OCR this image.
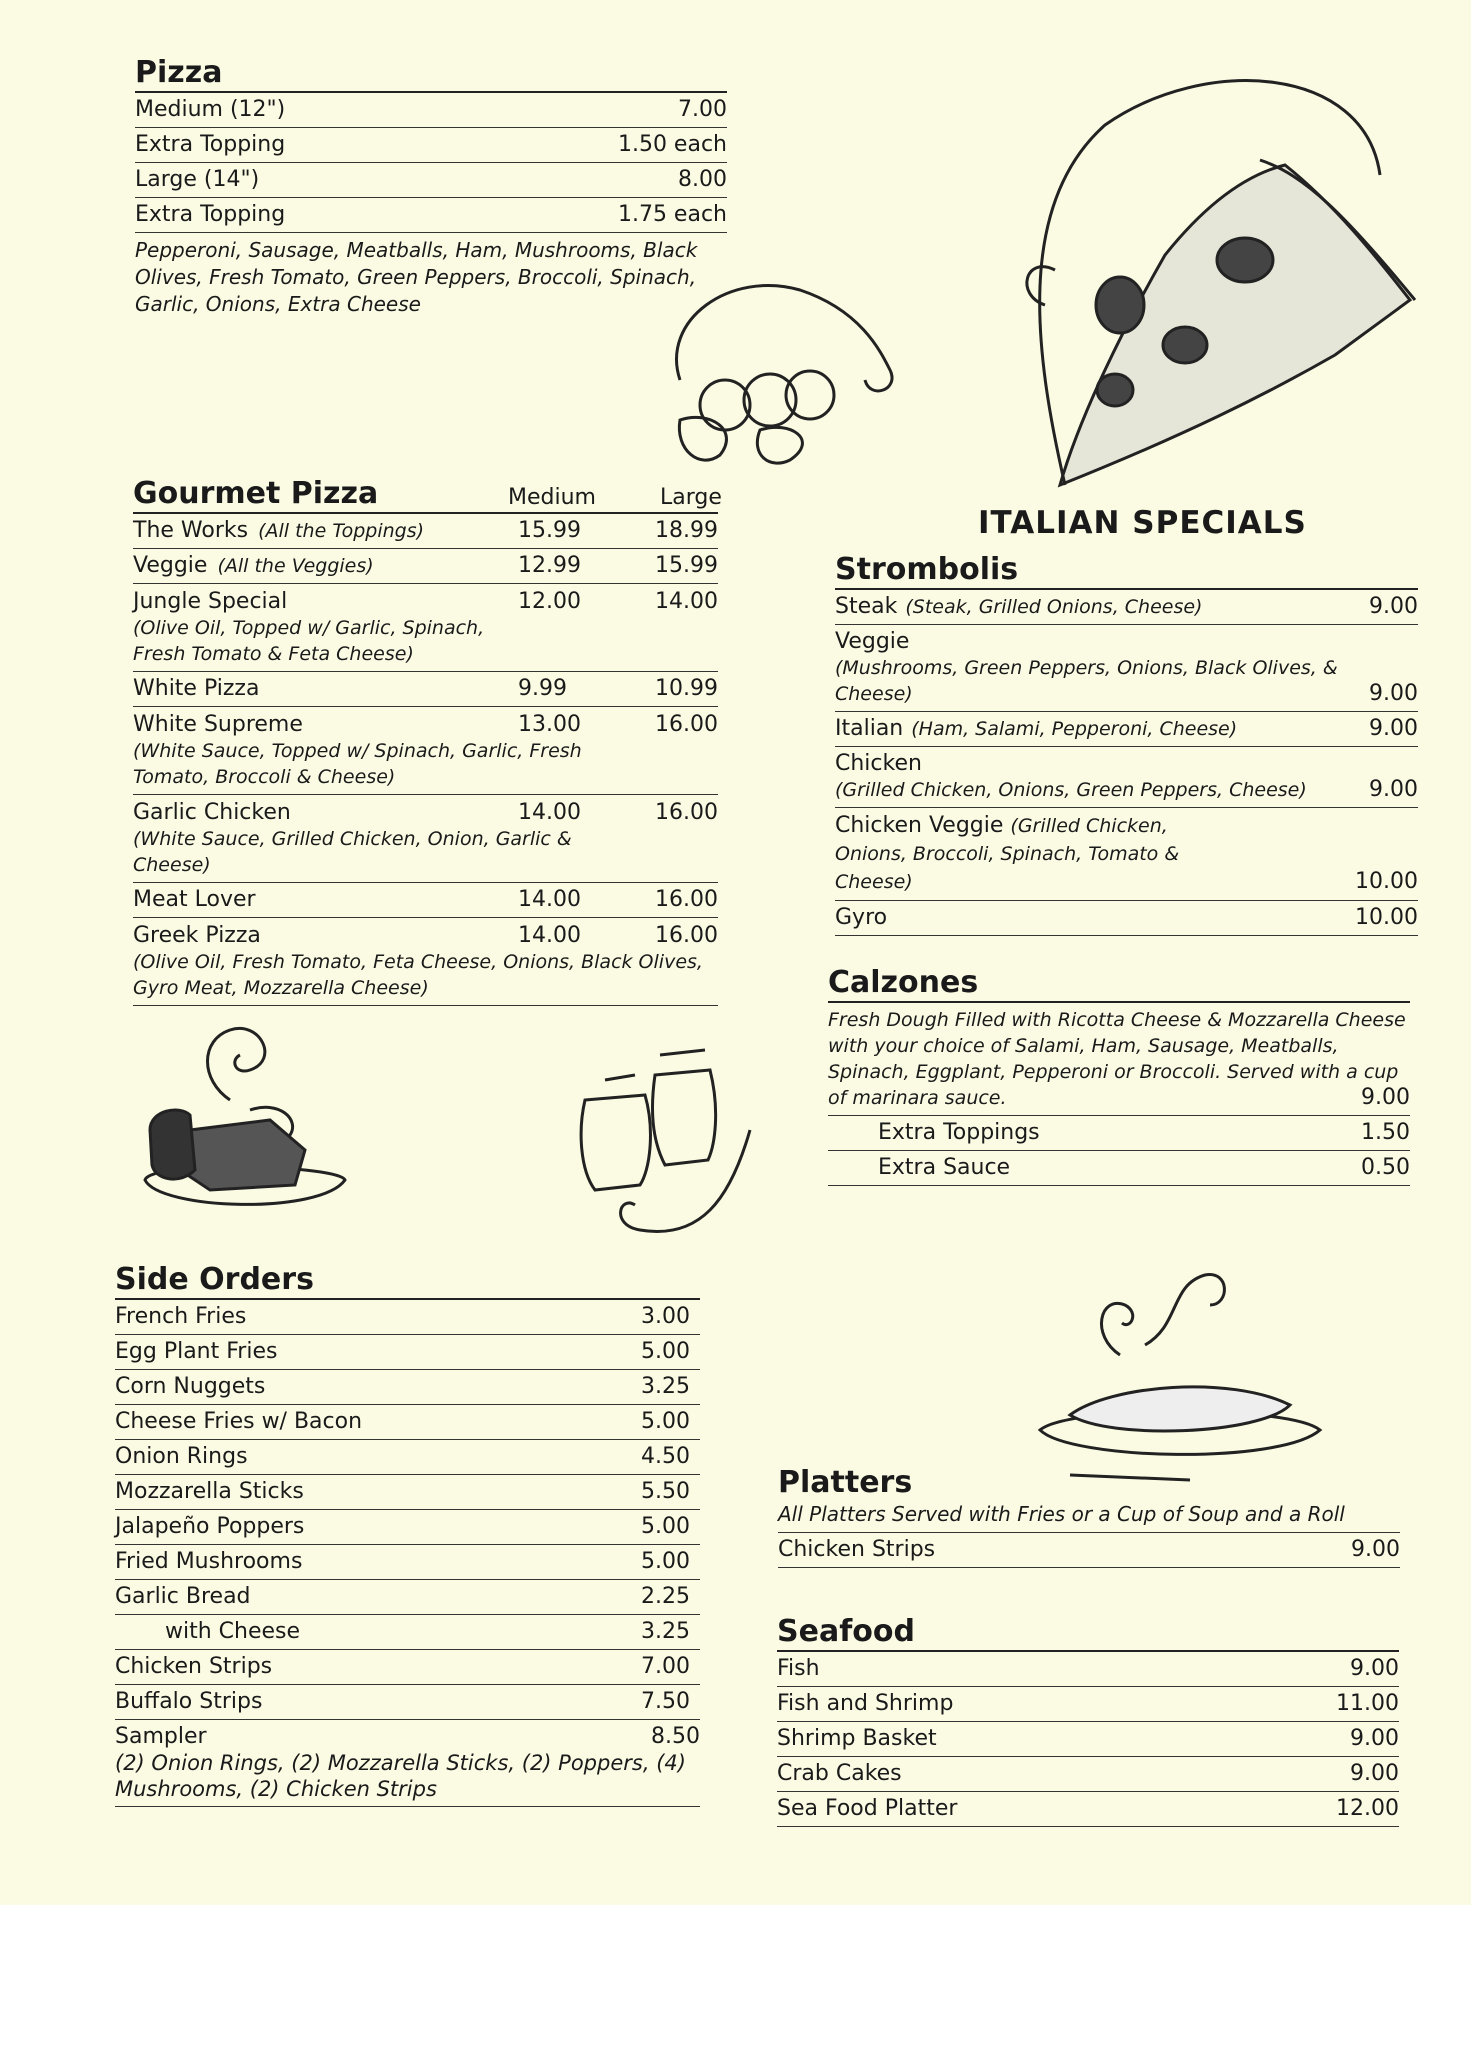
Pizza
Medium (12")	7.00
Extra Topping	1.50 each
Large (14")	8.00
Extra Topping	1.75 each
Pepperoni, Sausage, Meatballs, Ham, Mushrooms, Black Olives, Fresh Tomato, Green Peppers, Broccoli, Spinach, Garlic, Onions, Extra Cheese
Gourmet Pizza	Medium	Large
The Works (All the Toppings)	15.99	18.99
Veggie (All the Veggies)	12.99	15.99
Jungle Special	12.00	14.00
(Olive Oil, Topped w/ Garlic, Spinach, Fresh Tomato & Feta Cheese)
White Pizza	9.99	10.99
White Supreme	13.00	16.00
(White Sauce, Topped w/ Spinach, Garlic, Fresh Tomato, Broccoli & Cheese)
Garlic Chicken	14.00	16.00
(White Sauce, Grilled Chicken, Onion, Garlic & Cheese)
Meat Lover	14.00	16.00
Greek Pizza	14.00	16.00
(Olive Oil, Fresh Tomato, Feta Cheese, Onions, Black Olives, Gyro Meat, Mozzarella Cheese)
ITALIAN SPECIALS
Strombolis
Steak (Steak, Grilled Onions, Cheese)	9.00
Veggie
(Mushrooms, Green Peppers, Onions, Black Olives, & Cheese)	9.00
Italian (Ham, Salami, Pepperoni, Cheese)	9.00
Chicken
(Grilled Chicken, Onions, Green Peppers, Cheese)	9.00
Chicken Veggie (Grilled Chicken, Onions, Broccoli, Spinach, Tomato & Cheese)	10.00
Gyro	10.00
Calzones
Fresh Dough Filled with Ricotta Cheese & Mozzarella Cheese with your choice of Salami, Ham, Sausage, Meatballs, Spinach, Eggplant, Pepperoni or Broccoli. Served with a cup of marinara sauce.	9.00
Extra Toppings	1.50
Extra Sauce	0.50
Side Orders
French Fries	3.00
Egg Plant Fries	5.00
Corn Nuggets	3.25
Cheese Fries w/ Bacon	5.00
Onion Rings	4.50
Mozzarella Sticks	5.50
Jalapeño Poppers	5.00
Fried Mushrooms	5.00
Garlic Bread	2.25
with Cheese	3.25
Chicken Strips	7.00
Buffalo Strips	7.50
Sampler	8.50
(2) Onion Rings, (2) Mozzarella Sticks, (2) Poppers, (4) Mushrooms, (2) Chicken Strips
Platters
All Platters Served with Fries or a Cup of Soup and a Roll
Chicken Strips	9.00
Seafood
Fish	9.00
Fish and Shrimp	11.00
Shrimp Basket	9.00
Crab Cakes	9.00
Sea Food Platter	12.00
